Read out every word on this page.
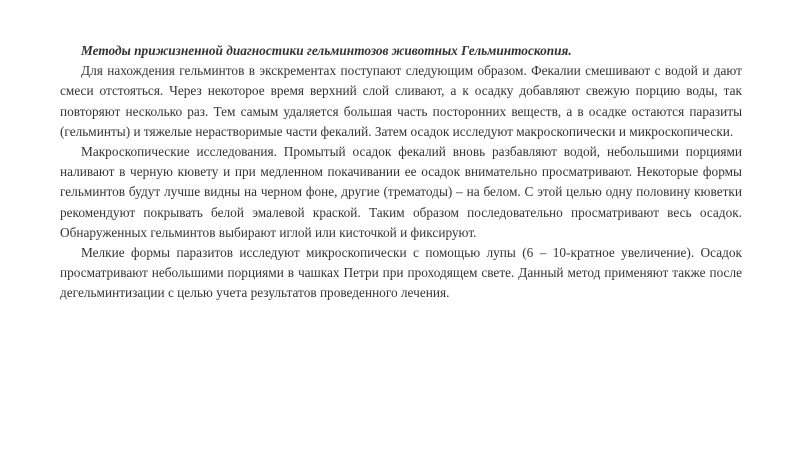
Методы прижизненной диагностики гельминтозов животных Гельминтоскопия.

Для нахождения гельминтов в экскрементах поступают следующим образом. Фекалии смешивают с водой и дают смеси отстояться. Через некоторое время верхний слой сливают, а к осадку добавляют свежую порцию воды, так повторяют несколько раз. Тем самым удаляется большая часть посторонних веществ, а в осадке остаются паразиты (гельминты) и тяжелые нерастворимые части фекалий. Затем осадок исследуют макроскопически и микроскопически.

Макроскопические исследования. Промытый осадок фекалий вновь разбавляют водой, небольшими порциями наливают в черную кювету и при медленном покачивании ее осадок внимательно просматривают. Некоторые формы гельминтов будут лучше видны на черном фоне, другие (трематоды) – на белом. С этой целью одну половину кюветки рекомендуют покрывать белой эмалевой краской. Таким образом последовательно просматривают весь осадок. Обнаруженных гельминтов выбирают иглой или кисточкой и фиксируют.

Мелкие формы паразитов исследуют микроскопически с помощью лупы (6 – 10-кратное увеличение). Осадок просматривают небольшими порциями в чашках Петри при проходящем свете. Данный метод применяют также после дегельминтизации с целью учета результатов проведенного лечения.
